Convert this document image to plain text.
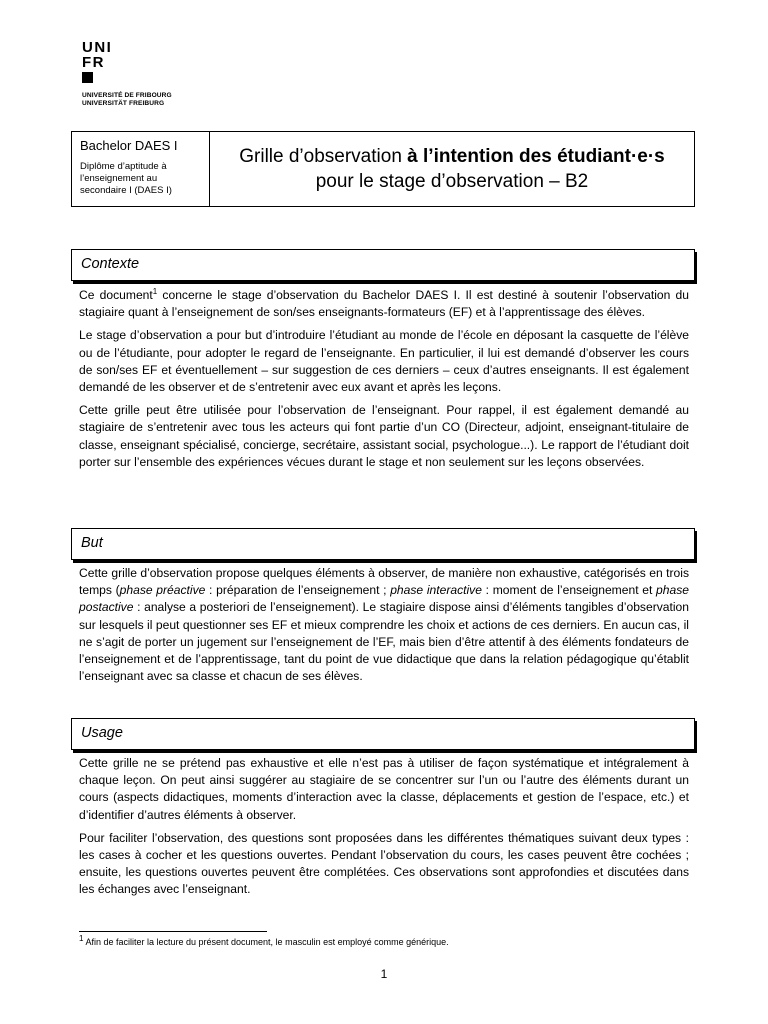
UNI
FR
UNIVERSITÉ DE FRIBOURG
UNIVERSITÄT FREIBURG
Bachelor DAES I
Diplôme d’aptitude à l’enseignement au secondaire I (DAES I)
Grille d’observation à l’intention des étudiant·e·s
pour le stage d’observation – B2
Contexte

Ce document$^1$ concerne le stage d’observation du Bachelor DAES I. Il est destiné à soutenir l’observation du stagiaire quant à l’enseignement de son/ses enseignants-formateurs (EF) et à l’apprentissage des élèves.

Le stage d’observation a pour but d’introduire l’étudiant au monde de l’école en déposant la casquette de l’élève ou de l’étudiante, pour adopter le regard de l’enseignante. En particulier, il lui est demandé d’observer les cours de son/ses EF et éventuellement – sur suggestion de ces derniers – ceux d’autres enseignants. Il est également demandé de les observer et de s’entretenir avec eux avant et après les leçons.

Cette grille peut être utilisée pour l’observation de l’enseignant. Pour rappel, il est également demandé au stagiaire de s’entretenir avec tous les acteurs qui font partie d’un CO (Directeur, adjoint, enseignant-titulaire de classe, enseignant spécialisé, concierge, secrétaire, assistant social, psychologue...). Le rapport de l’étudiant doit porter sur l’ensemble des expériences vécues durant le stage et non seulement sur les leçons observées.

But

Cette grille d’observation propose quelques éléments à observer, de manière non exhaustive, catégorisés en trois temps (phase préactive : préparation de l’enseignement ; phase interactive : moment de l’enseignement et phase postactive : analyse a posteriori de l’enseignement). Le stagiaire dispose ainsi d’éléments tangibles d’observation sur lesquels il peut questionner ses EF et mieux comprendre les choix et actions de ces derniers. En aucun cas, il ne s’agit de porter un jugement sur l’enseignement de l’EF, mais bien d’être attentif à des éléments fondateurs de l’enseignement et de l’apprentissage, tant du point de vue didactique que dans la relation pédagogique qu’établit l’enseignant avec sa classe et chacun de ses élèves.

Usage

Cette grille ne se prétend pas exhaustive et elle n’est pas à utiliser de façon systématique et intégralement à chaque leçon. On peut ainsi suggérer au stagiaire de se concentrer sur l’un ou l’autre des éléments durant un cours (aspects didactiques, moments d’interaction avec la classe, déplacements et gestion de l’espace, etc.) et d’identifier d’autres éléments à observer.

Pour faciliter l’observation, des questions sont proposées dans les différentes thématiques suivant deux types : les cases à cocher et les questions ouvertes. Pendant l’observation du cours, les cases peuvent être cochées ; ensuite, les questions ouvertes peuvent être complétées. Ces observations sont approfondies et discutées dans les échanges avec l’enseignant.

$^1$ Afin de faciliter la lecture du présent document, le masculin est employé comme générique.
1
